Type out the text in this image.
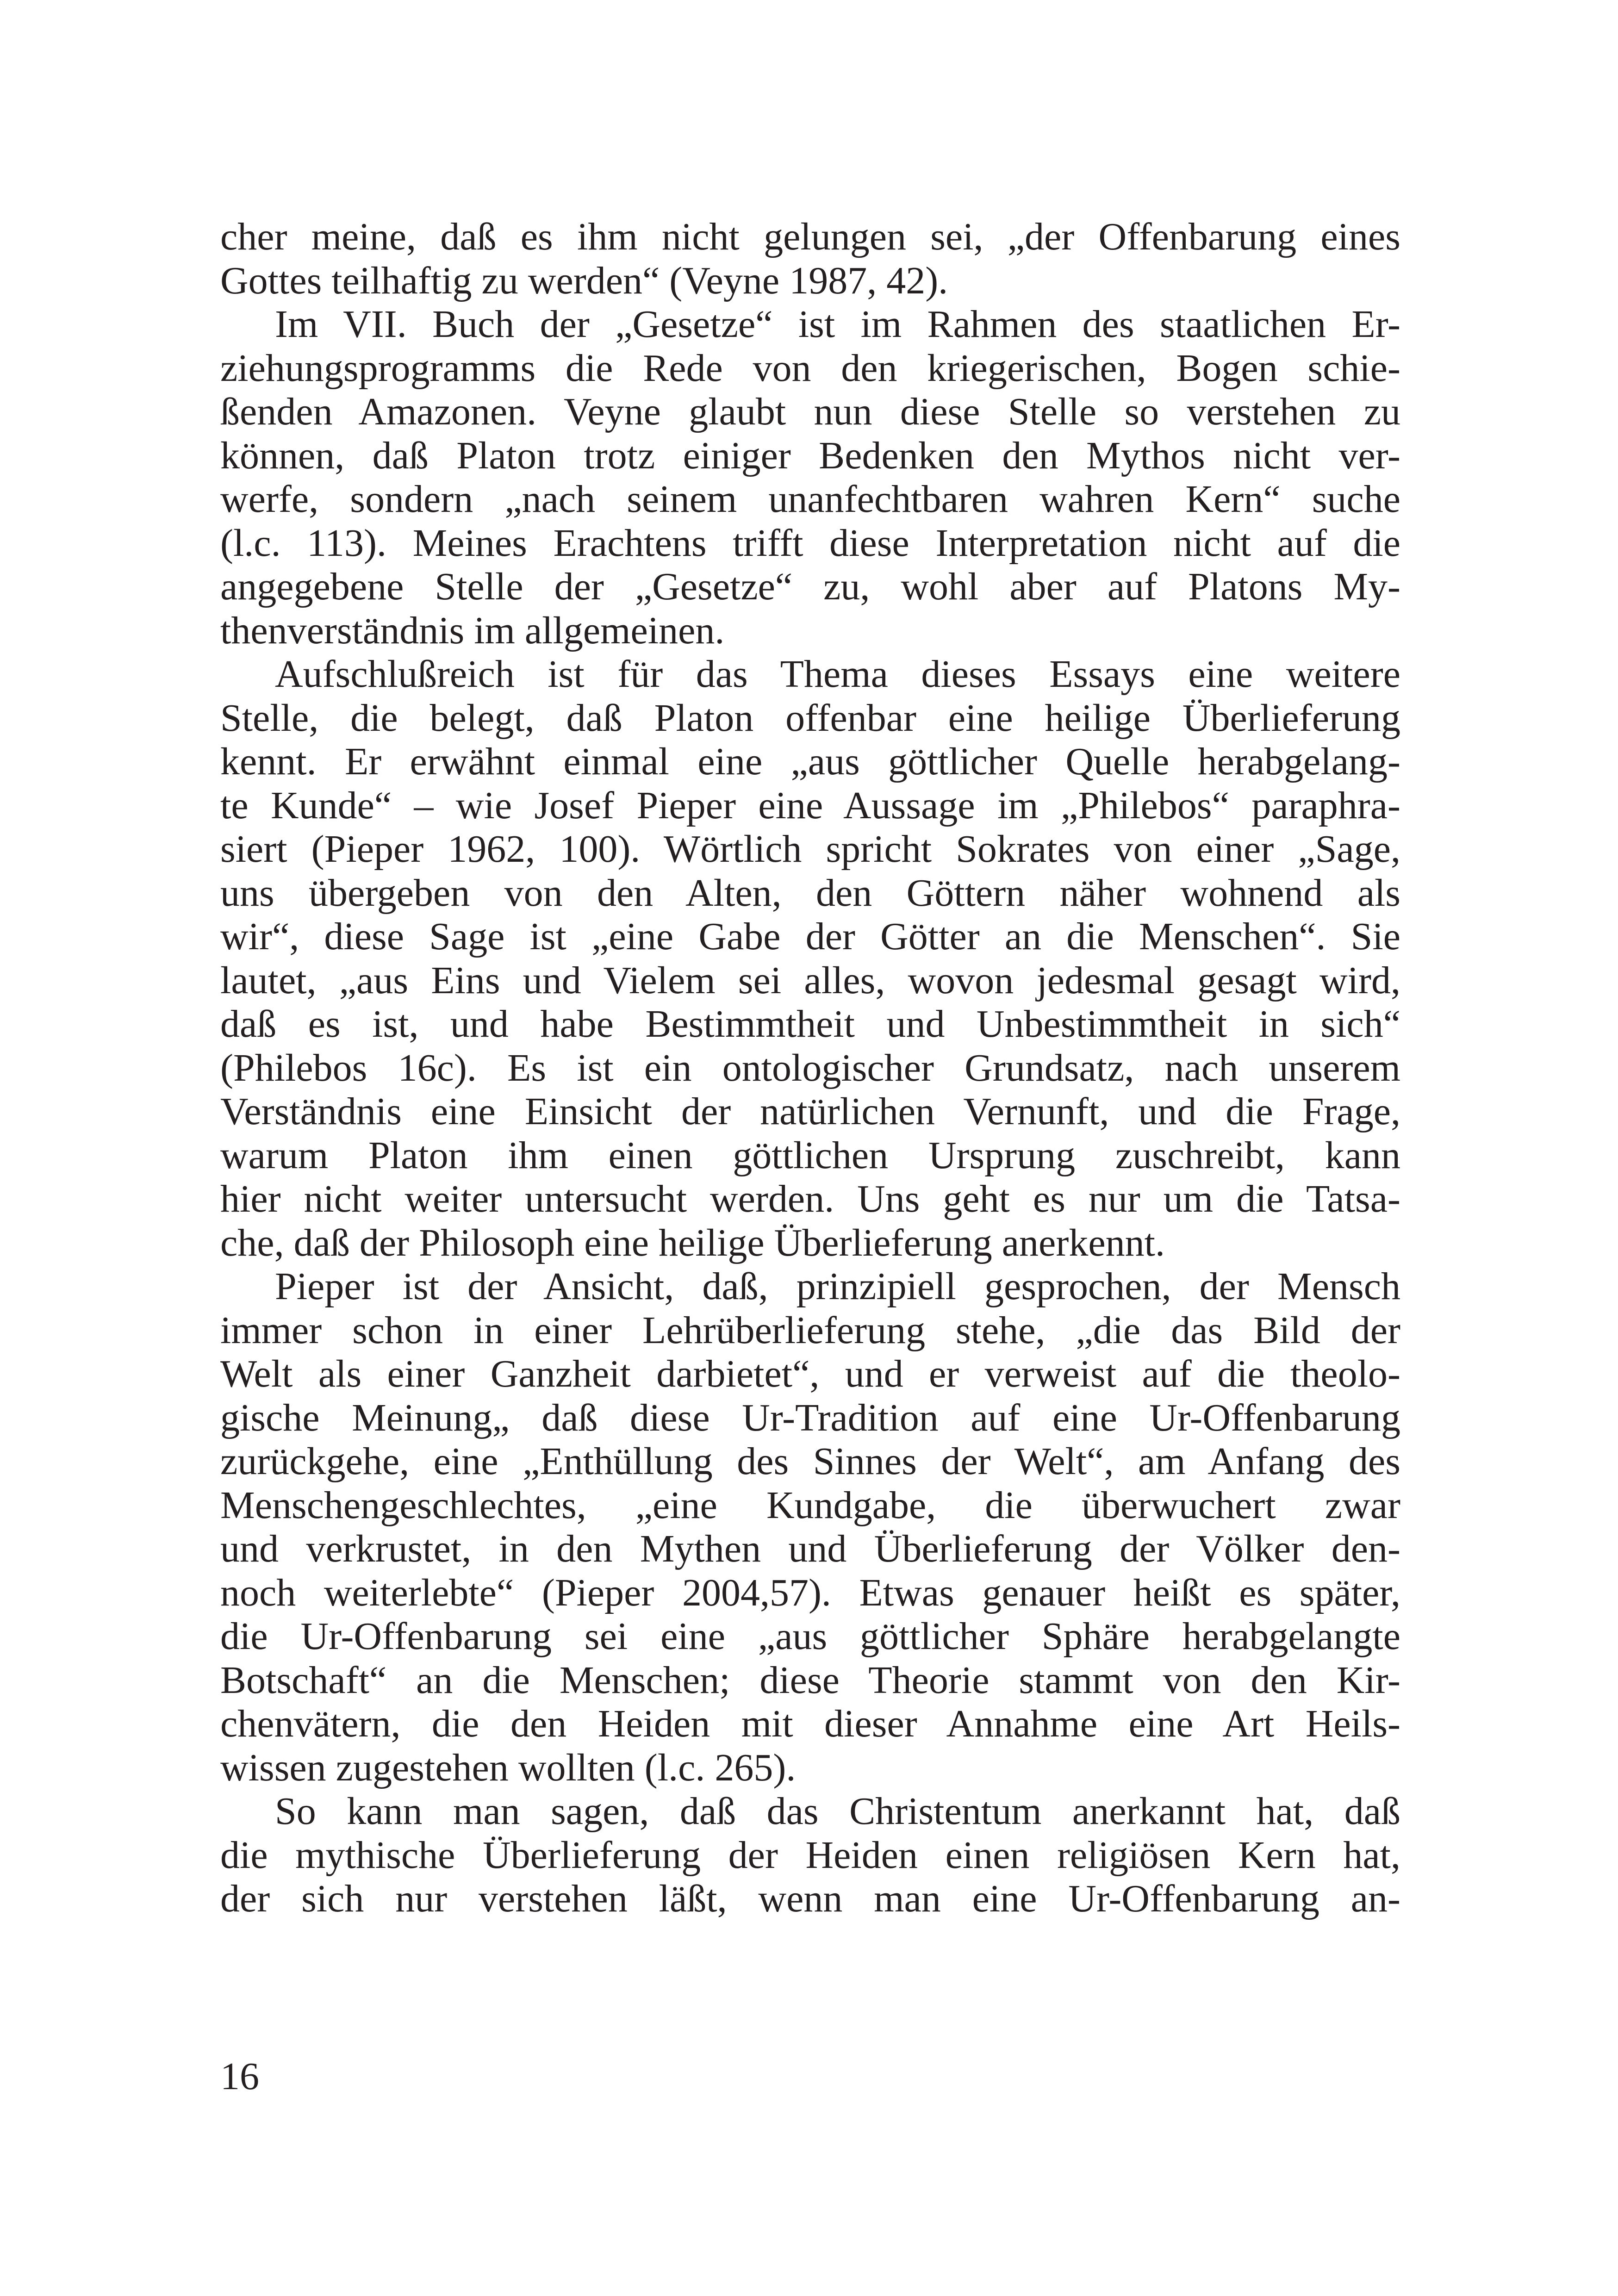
cher meine, daß es ihm nicht gelungen sei, „der Offenbarung eines
Gottes teilhaftig zu werden“ (Veyne 1987, 42).
Im VII. Buch der „Gesetze“ ist im Rahmen des staatlichen Er-
ziehungsprogramms die Rede von den kriegerischen, Bogen schie-
ßenden Amazonen. Veyne glaubt nun diese Stelle so verstehen zu
können, daß Platon trotz einiger Bedenken den Mythos nicht ver-
werfe, sondern „nach seinem unanfechtbaren wahren Kern“ suche
(l.c. 113). Meines Erachtens trifft diese Interpretation nicht auf die
angegebene Stelle der „Gesetze“ zu, wohl aber auf Platons My-
thenverständnis im allgemeinen.
Aufschlußreich ist für das Thema dieses Essays eine weitere
Stelle, die belegt, daß Platon offenbar eine heilige Überlieferung
kennt. Er erwähnt einmal eine „aus göttlicher Quelle herabgelang-
te Kunde“ – wie Josef Pieper eine Aussage im „Philebos“ paraphra-
siert (Pieper 1962, 100). Wörtlich spricht Sokrates von einer „Sage,
uns übergeben von den Alten, den Göttern näher wohnend als
wir“, diese Sage ist „eine Gabe der Götter an die Menschen“. Sie
lautet, „aus Eins und Vielem sei alles, wovon jedesmal gesagt wird,
daß es ist, und habe Bestimmtheit und Unbestimmtheit in sich“
(Philebos 16c). Es ist ein ontologischer Grundsatz, nach unserem
Verständnis eine Einsicht der natürlichen Vernunft, und die Frage,
warum Platon ihm einen göttlichen Ursprung zuschreibt, kann
hier nicht weiter untersucht werden. Uns geht es nur um die Tatsa-
che, daß der Philosoph eine heilige Überlieferung anerkennt.
Pieper ist der Ansicht, daß, prinzipiell gesprochen, der Mensch
immer schon in einer Lehrüberlieferung stehe, „die das Bild der
Welt als einer Ganzheit darbietet“, und er verweist auf die theolo-
gische Meinung„ daß diese Ur-Tradition auf eine Ur-Offenbarung
zurückgehe, eine „Enthüllung des Sinnes der Welt“, am Anfang des
Menschengeschlechtes, „eine Kundgabe, die überwuchert zwar
und verkrustet, in den Mythen und Überlieferung der Völker den-
noch weiterlebte“ (Pieper 2004,57). Etwas genauer heißt es später,
die Ur-Offenbarung sei eine „aus göttlicher Sphäre herabgelangte
Botschaft“ an die Menschen; diese Theorie stammt von den Kir-
chenvätern, die den Heiden mit dieser Annahme eine Art Heils-
wissen zugestehen wollten (l.c. 265).
So kann man sagen, daß das Christentum anerkannt hat, daß
die mythische Überlieferung der Heiden einen religiösen Kern hat,
der sich nur verstehen läßt, wenn man eine Ur-Offenbarung an-
16
